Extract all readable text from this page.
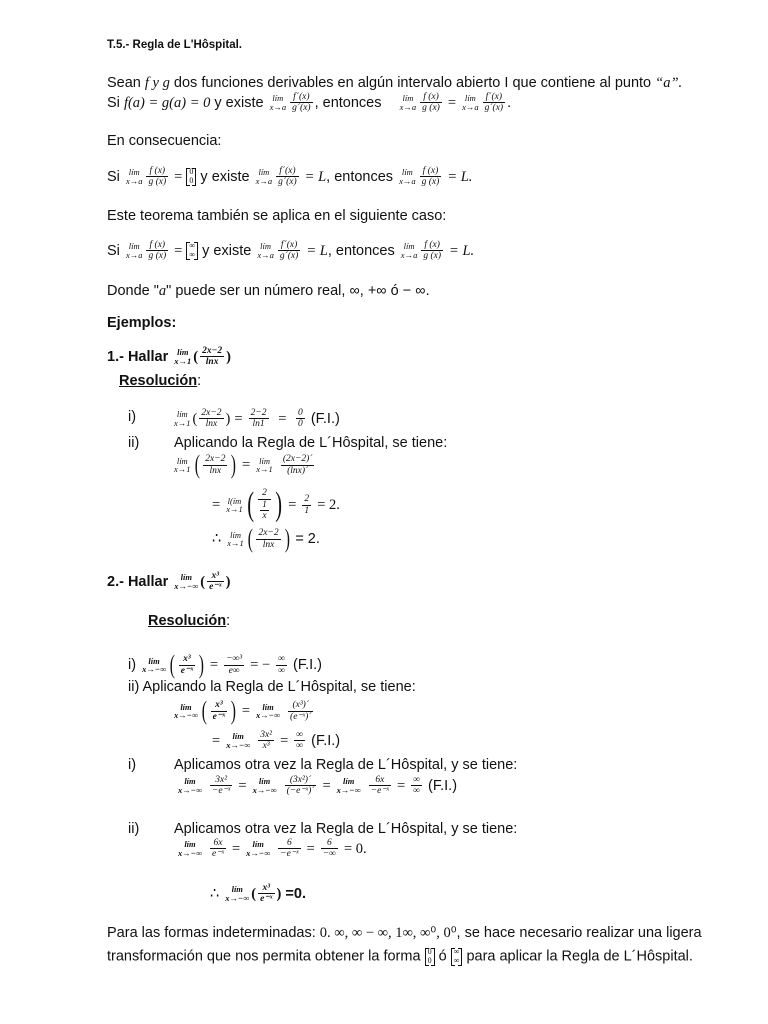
T.5.- Regla de L'Hôspital.
Sean f y g dos funciones derivables en algún intervalo abierto I que contiene al punto “a”.
Si f(a) = g(a) = 0 y existe	lím
$x\to a \frac{f´(x)}{g´(x)}$ , entonces	lím
$x\to a \frac{f (x)}{g (x)}$ =	lím
$x\to a \frac{f´(x)}{g´(x)}$ .
En consecuencia:
Si	lím
$x\to a \frac{f (x)}{g (x)} = 0$
0 y existe	lím
$x\to a \frac{f´(x)}{g´(x)} = L$, entonces	lím
$x\to a \frac{f (x)}{g (x)} = L$.
Este teorema también se aplica en el siguiente caso:
Si	lím
$x\to a \frac{f (x)}{g (x)}$ = ∞
∞ y existe	lím
$x\to a \frac{f´(x)}{g´(x)} = L$, entonces	lím
$x\to a \frac{f (x)}{g (x)} = L$.
Donde "a" puede ser un número real, ∞, +∞ ó − ∞.
Ejemplos:
1.- Hallar	lím
x→1 ( $\frac{2x-2}{\ln x}$ )
Resolución:
i)	lím
x→1 ( $\frac{2x-2}{\ln x}$ ) = $\frac{2-2}{\ln 1} = \frac{0}{0} (F.I.)$
ii) Aplicando la Regla de L´Hôspital, se tiene:
lím
x→1 ( $\frac{2x-2}{\ln x}$ ) =	lím
x→1
$\frac{(2x-2)´}{(\ln x)´}$
= l(ím
x→1 ( $\frac{2}{\frac{1}{x}}$ ) = $\frac{2}{1} = 2$.
∴	lím
x→1 ( $\frac{2x-2}{\ln x}$ ) = 2.
2.- Hallar	lím
x→−∞ ( $\frac{\text{x³}}{\text{e⁻ˣ}}$ )
Resolución:
i)	lím
x→−∞ ( $\frac{\text{x³}}{\text{e⁻ˣ}}$ ) = $\frac{\text{−∞³}}{e\infty}$ = − $\frac{\infty}{\infty} (F.I.)$
ii) Aplicando la Regla de L´Hôspital, se tiene:
lím
x→−∞ ( $\frac{\text{x³}}{\text{e⁻ˣ}}$ ) =	lím
x→−∞
$\frac{\text{(x³)´}}{\text{(e⁻ˣ)´}}$
=	lím
x→−∞
$\frac{\text{3x²}}{\text{x³}} = \frac{\infty}{\infty} (F.I.)$
i)	Aplicamos otra vez la Regla de L´Hôspital, y se tiene:
lím
x→−∞
$\frac{\text{3x²}}{\text{−e⁻ˣ}}$ =	lím
x→−∞
$\frac{\text{(3x²)´}}{\text{(−e⁻ˣ)´}}$ =	lím
x→−∞
$\frac{6x}{\text{−e⁻ˣ}} = \frac{\infty}{\infty} (F.I.)$
ii) Aplicamos otra vez la Regla de L´Hôspital, y se tiene:
lím
x→−∞
$\frac{6x}{\text{e⁻ˣ}}$ =	lím
x→−∞
$\frac{6}{\text{−e⁻ˣ}} = \frac{6}{-\infty} = 0$.
∴	lím
x→−∞ ( $\frac{\text{x³}}{\text{e⁻ˣ}}$ ) =0.
Para las formas indeterminadas: 0. ∞, ∞ − ∞, 1∞, ∞⁰, 0⁰, se hace necesario realizar una ligera
transformación que nos permita obtener la forma 0
0 ó ∞
∞ para aplicar la Regla de L´Hôspital.
